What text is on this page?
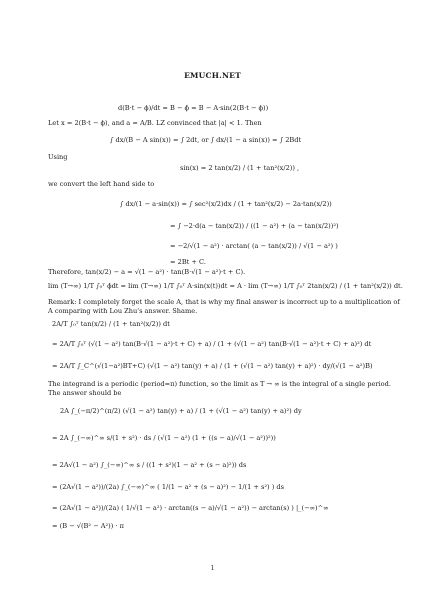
EMUCH.NET
d(B·t − ϕ)/dt = B − ϕ̇ = B − A·sin(2(B·t − ϕ))
Let x = 2(B·t − ϕ), and a = A/B. LZ convinced that |a| < 1. Then
∫ dx/(B − A sin(x)) = ∫ 2dt, or ∫ dx/(1 − a sin(x)) = ∫ 2Bdt
Using
sin(x) = 2 tan(x/2) / (1 + tan²(x/2)) ,
we convert the left hand side to
∫ dx/(1 − a·sin(x)) = ∫ sec²(x/2)dx / (1 + tan²(x/2) − 2a·tan(x/2))
= ∫ −2·d(a − tan(x/2)) / ((1 − a²) + (a − tan(x/2))²)
= −2/√(1 − a²) · arctan( (a − tan(x/2)) / √(1 − a²) )
= 2Bt + C.
Therefore, tan(x/2) − a = √(1 − a²) · tan(B·√(1 − a²)·t + C).
lim (T→∞) 1/T ∫₀ᵀ ϕ̇dt = lim (T→∞) 1/T ∫₀ᵀ A·sin(x(t))dt = A · lim (T→∞) 1/T ∫₀ᵀ 2tan(x/2) / (1 + tan²(x/2)) dt.
Remark: I completely forget the scale A, that is why my final answer is incorrect up to a multiplication of
A comparing with Lou Zhu's answer. Shame.
2A/T ∫₀ᵀ tan(x/2) / (1 + tan²(x/2)) dt
= 2A/T ∫₀ᵀ (√(1 − a²) tan(B·√(1 − a²)·t + C) + a) / (1 + (√(1 − a²) tan(B·√(1 − a²)·t + C) + a)²) dt
= 2A/T ∫_C^(√(1−a²)BT+C) (√(1 − a²) tan(y) + a) / (1 + (√(1 − a²) tan(y) + a)²) · dy/(√(1 − a²)B)
The integrand is a periodic (period=π) function, so the limit as T → ∞ is the integral of a single period.
The answer should be
2A ∫_(−π/2)^(π/2) (√(1 − a²) tan(y) + a) / (1 + (√(1 − a²) tan(y) + a)²) dy
= 2A ∫_(−∞)^∞ s/(1 + s²) · ds / (√(1 − a²) (1 + ((s − a)/√(1 − a²))²))
= 2A√(1 − a²) ∫_(−∞)^∞ s / ((1 + s²)(1 − a² + (s − a)²)) ds
= (2A√(1 − a²))/(2a) ∫_(−∞)^∞ ( 1/(1 − a² + (s − a)²) − 1/(1 + s²) ) ds
= (2A√(1 − a²))/(2a) ( 1/√(1 − a²) · arctan((s − a)/√(1 − a²)) − arctan(s) ) |_(−∞)^∞
= (B − √(B² − A²)) · π
1
